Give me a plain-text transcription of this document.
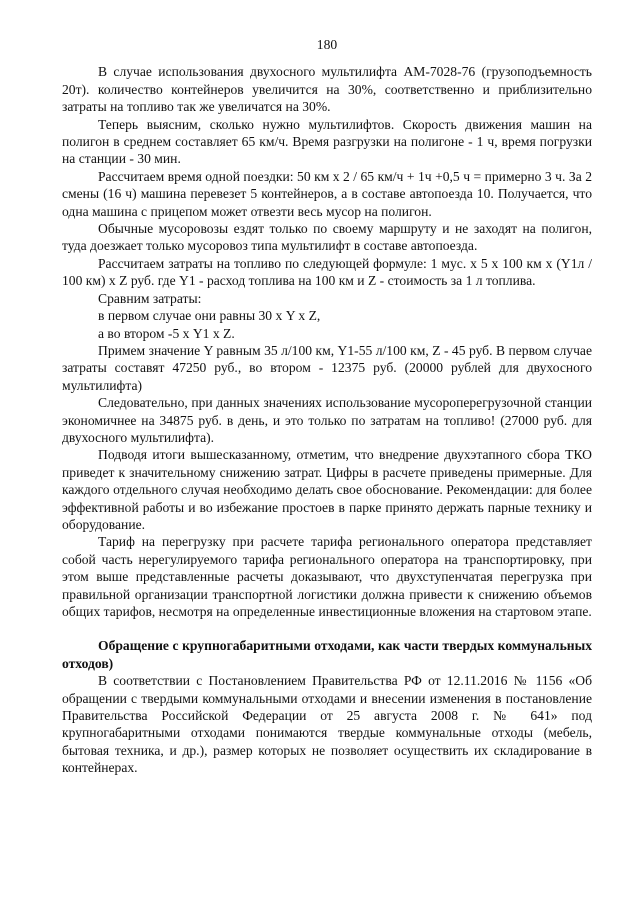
180

В случае использования двухосного мультилифта АМ-7028-76 (грузоподъемность 20т). количество контейнеров увеличится на 30%, соответственно и приблизительно затраты на топливо так же увеличатся на 30%.

Теперь выясним, сколько нужно мультилифтов. Скорость движения машин на полигон в среднем составляет 65 км/ч. Время разгрузки на полигоне - 1 ч, время погрузки на станции - 30 мин.

Рассчитаем время одной поездки: 50 км х 2 / 65 км/ч + 1ч +0,5 ч = примерно 3 ч. За 2 смены (16 ч) машина перевезет 5 контейнеров, а в составе автопоезда 10. Получается, что одна машина с прицепом может отвезти весь мусор на полигон.

Обычные мусоровозы ездят только по своему маршруту и не заходят на полигон, туда доезжает только мусоровоз типа мультилифт в составе автопоезда.

Рассчитаем затраты на топливо по следующей формуле: 1 мус. х 5 х 100 км х (Y1л / 100 км) х Z руб. где Y1 - расход топлива на 100 км и Z - стоимость за 1 л топлива.

Сравним затраты:

в первом случае они равны 30 х Y х Z,

а во втором -5 х Y1 х Z.

Примем значение Y равным 35 л/100 км, Y1-55 л/100 км, Z - 45 руб. В первом случае затраты составят 47250 руб., во втором - 12375 руб. (20000 рублей для двухосного мультилифта)

Следовательно, при данных значениях использование мусороперегрузочной станции экономичнее на 34875 руб. в день, и это только по затратам на топливо! (27000 руб. для двухосного мультилифта).

Подводя итоги вышесказанному, отметим, что внедрение двухэтапного сбора ТКО приведет к значительному снижению затрат. Цифры в расчете приведены примерные. Для каждого отдельного случая необходимо делать свое обоснование. Рекомендации: для более эффективной работы и во избежание простоев в парке принято держать парные технику и оборудование.

Тариф на перегрузку при расчете тарифа регионального оператора представляет собой часть нерегулируемого тарифа регионального оператора на транспортировку, при этом выше представленные расчеты доказывают, что двухступенчатая перегрузка при правильной организации транспортной логистики должна привести к снижению объемов общих тарифов, несмотря на определенные инвестиционные вложения на стартовом этапе.

Обращение с крупногабаритными отходами, как части твердых коммунальных отходов)

В соответствии с Постановлением Правительства РФ от 12.11.2016 № 1156 «Об обращении с твердыми коммунальными отходами и внесении изменения в постановление Правительства Российской Федерации от 25 августа 2008 г. № 641» под крупногабаритными отходами понимаются твердые коммунальные отходы (мебель, бытовая техника, и др.), размер которых не позволяет осуществить их складирование в контейнерах.
